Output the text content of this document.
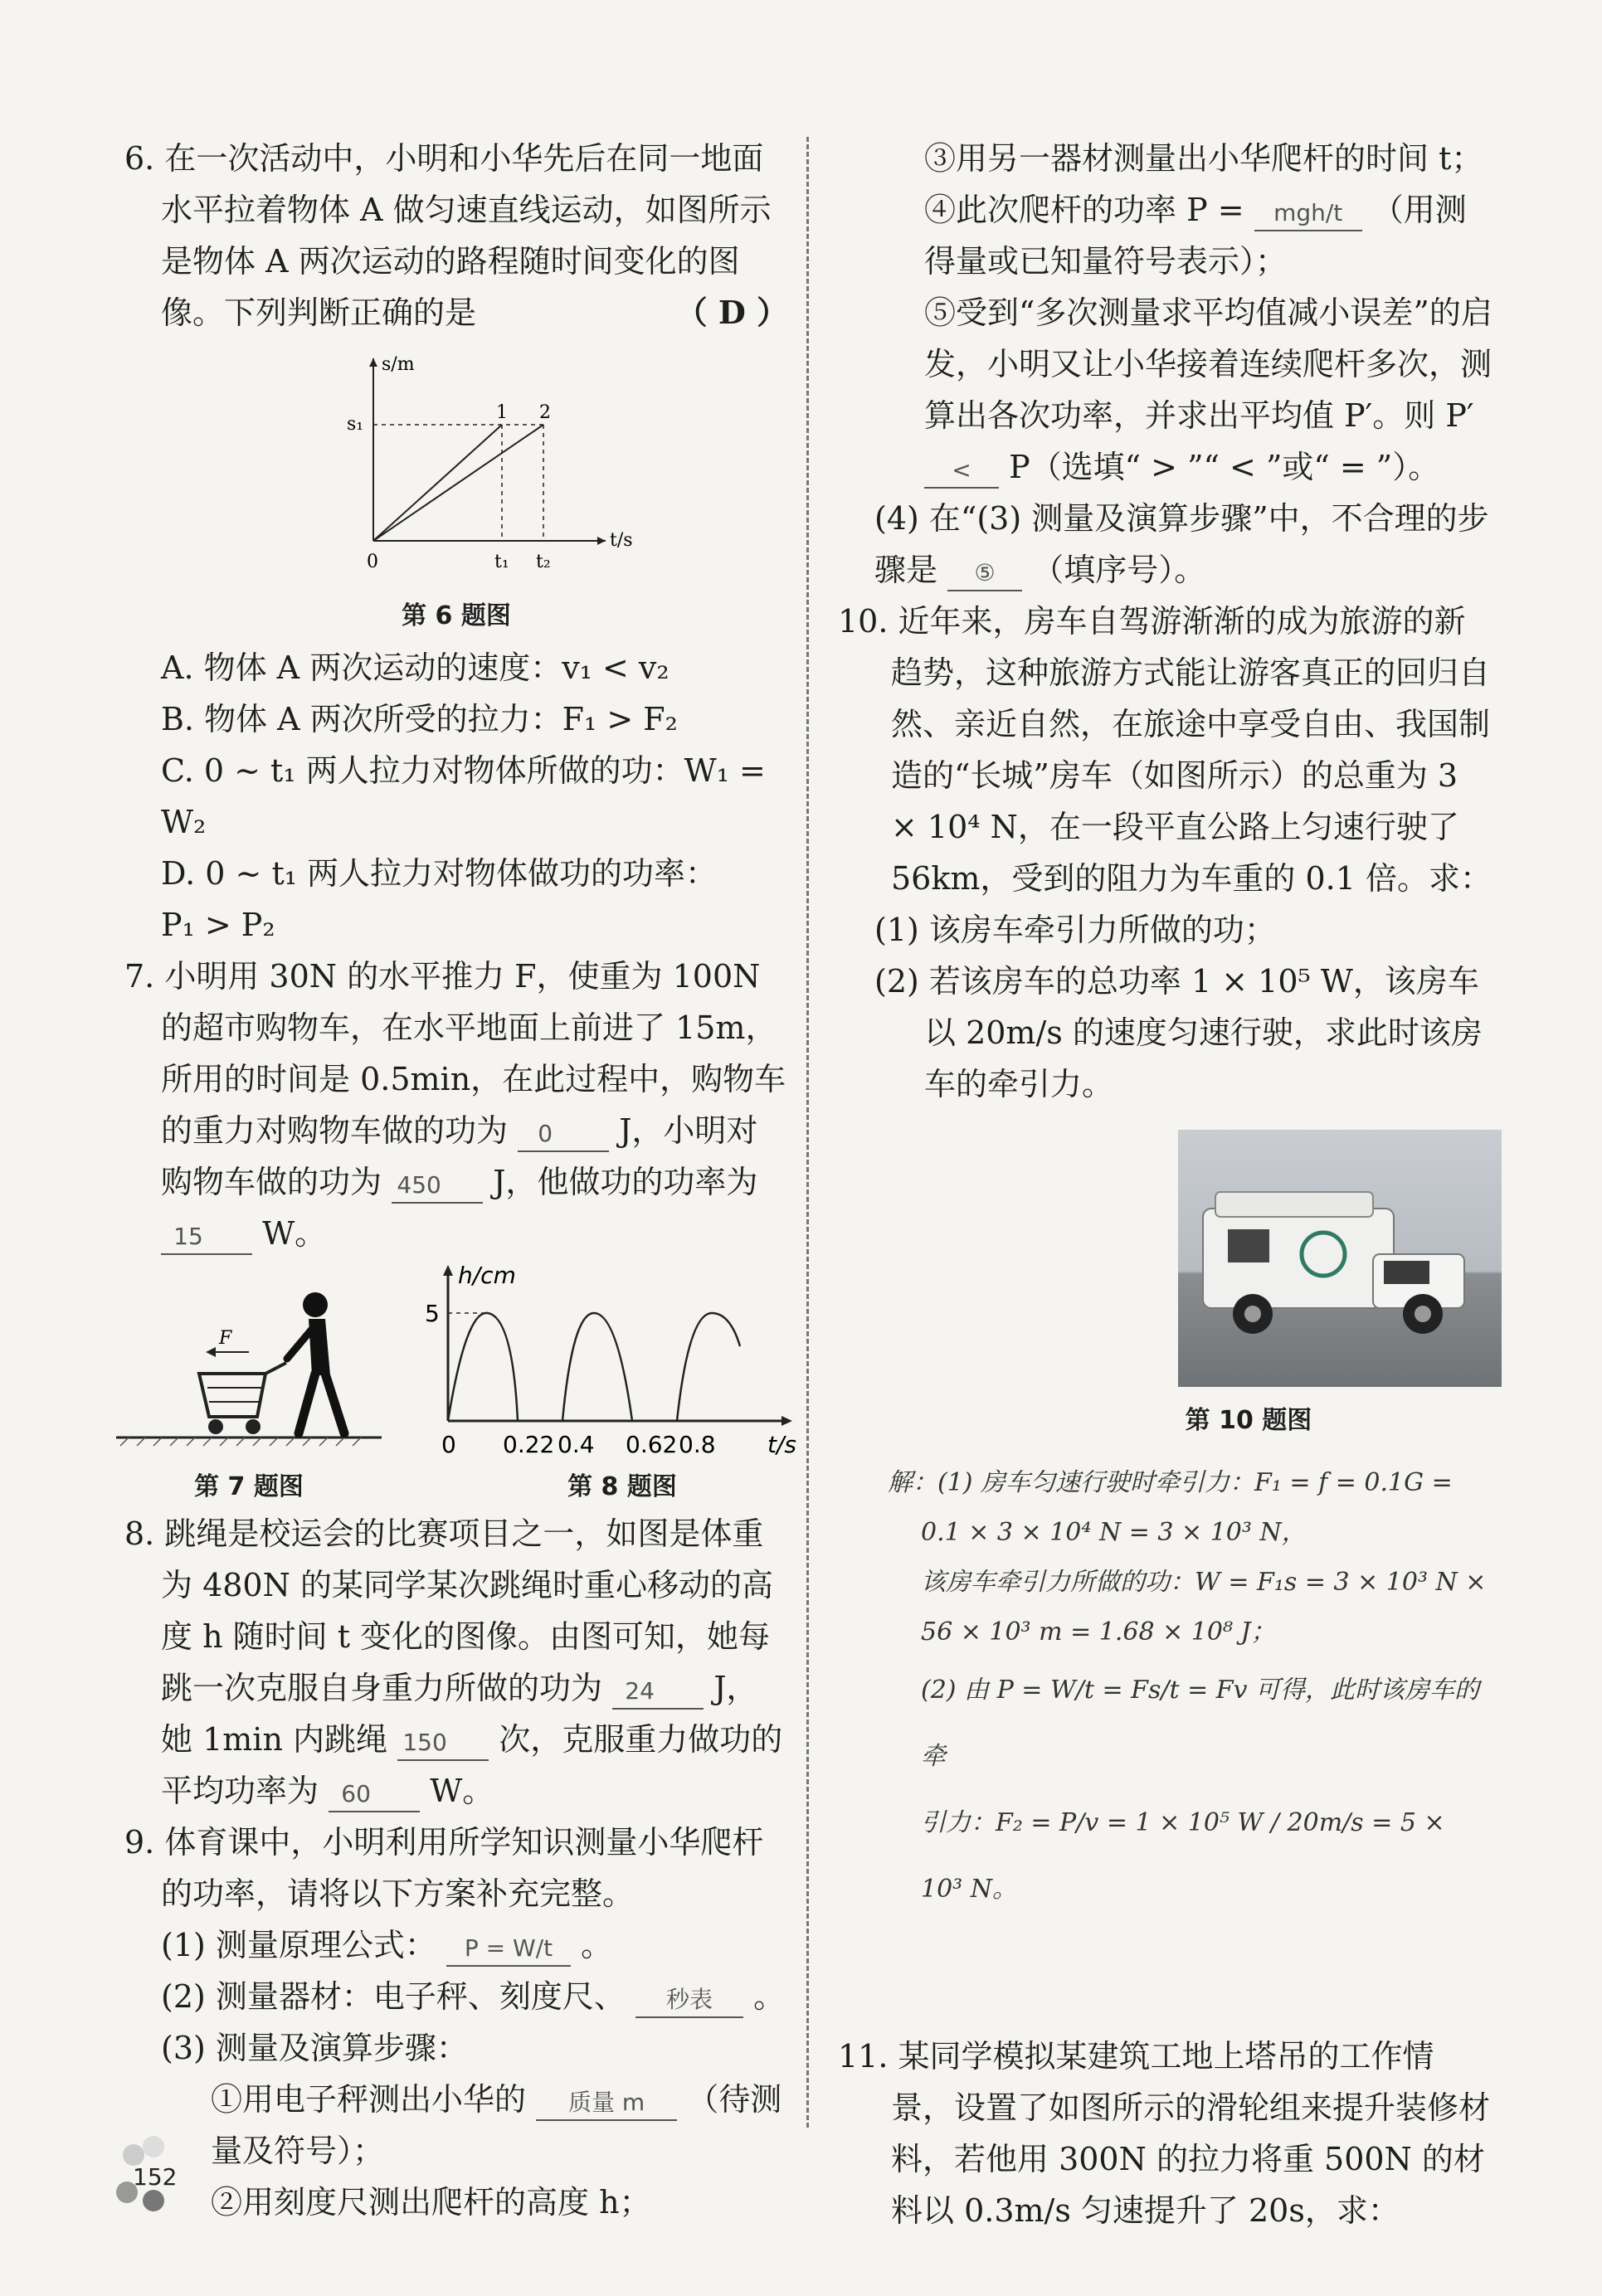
6. 在一次活动中，小明和小华先后在同一地面水平拉着物体 A 做匀速直线运动，如图所示是物体 A 两次运动的路程随时间变化的图像。下列判断正确的是	（ D ）

s/m
t/s
s₁
0	t₁ t₂
1 2

第 6 题图

A. 物体 A 两次运动的速度：v₁ < v₂

B. 物体 A 两次所受的拉力：F₁ > F₂

C. 0 ~ t₁ 两人拉力对物体所做的功：W₁ = W₂

D. 0 ~ t₁ 两人拉力对物体做功的功率：P₁ > P₂

7. 小明用 30N 的水平推力 F，使重为 100N 的超市购物车，在水平地面上前进了 15m，所用的时间是 0.5min，在此过程中，购物车的重力对购物车做的功为 0 J，小明对购物车做的功为 450 J，他做功的功率为 15 W。

F

第 7 题图

h/cm
t/s
5
0 0.22 0.4 0.62 0.8

第 8 题图

8. 跳绳是校运会的比赛项目之一，如图是体重为 480N 的某同学某次跳绳时重心移动的高度 h 随时间 t 变化的图像。由图可知，她每跳一次克服自身重力所做的功为 24 J，她 1min 内跳绳 150 次，克服重力做功的平均功率为 60 W。

9. 体育课中，小明利用所学知识测量小华爬杆的功率，请将以下方案补充完整。

(1) 测量原理公式： P = W/t 。

(2) 测量器材：电子秤、刻度尺、 秒表 。

(3) 测量及演算步骤：

①用电子秤测出小华的 质量 m （待测量及符号）；

②用刻度尺测出爬杆的高度 h；

③用另一器材测量出小华爬杆的时间 t；

④此次爬杆的功率 P = mgh/t （用测得量或已知量符号表示）；

⑤受到“多次测量求平均值减小误差”的启发，小明又让小华接着连续爬杆多次，测算出各次功率，并求出平均值 P′。则 P′ < P（选填“ > ”“ < ”或“ = ”）。

(4) 在“(3) 测量及演算步骤”中，不合理的步骤是 ⑤ （填序号）。

10. 近年来，房车自驾游渐渐的成为旅游的新趋势，这种旅游方式能让游客真正的回归自然、亲近自然，在旅途中享受自由、我国制造的“长城”房车（如图所示）的总重为 3 × 10⁴ N，在一段平直公路上匀速行驶了 56km，受到的阻力为车重的 0.1 倍。求：

(1) 该房车牵引力所做的功；

(2) 若该房车的总功率 1 × 10⁵ W，该房车以 20m/s 的速度匀速行驶，求此时该房车的牵引力。

第 10 题图

解：(1) 房车匀速行驶时牵引力：F₁ = f = 0.1G =

0.1 × 3 × 10⁴ N = 3 × 10³ N，

该房车牵引力所做的功：W = F₁s = 3 × 10³ N ×

56 × 10³ m = 1.68 × 10⁸ J；

(2) 由 P = W/t = Fs/t = Fv 可得，此时该房车的牵

引力：F₂ = P/v = 1 × 10⁵ W / 20m/s = 5 × 10³ N。

11. 某同学模拟某建筑工地上塔吊的工作情景，设置了如图所示的滑轮组来提升装修材料，若他用 300N 的拉力将重 500N 的材料以 0.3m/s 匀速提升了 20s，求：

152
